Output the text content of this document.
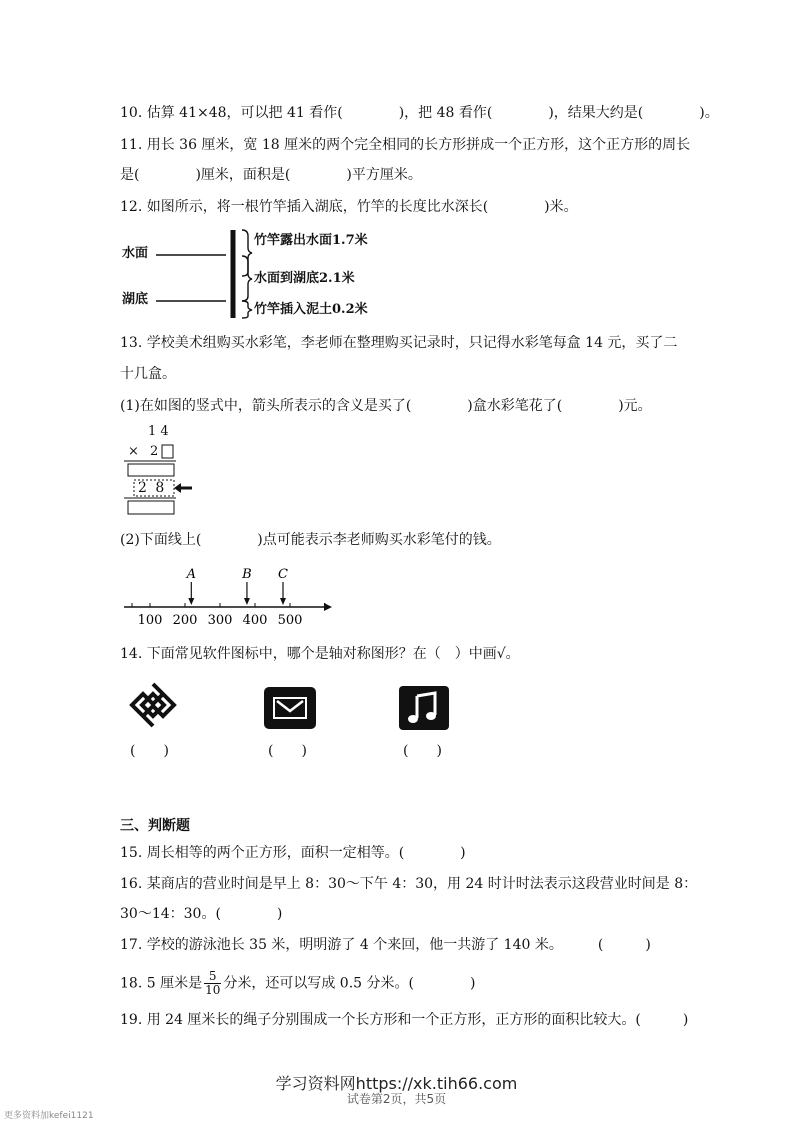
10. 估算 41×48，可以把 41 看作(　　　　)，把 48 看作(　　　　)，结果大约是(　　　　)。
11. 用长 36 厘米，宽 18 厘米的两个完全相同的长方形拼成一个正方形，这个正方形的周长
是(　　　　)厘米，面积是(　　　　)平方厘米。
12. 如图所示，将一根竹竿插入湖底，竹竿的长度比水深长(　　　　)米。
水面
湖底
竹竿露出水面1.7米
水面到湖底2.1米
竹竿插入泥土0.2米
13. 学校美术组购买水彩笔，李老师在整理购买记录时，只记得水彩笔每盒 14 元，买了二
十几盒。
(1)在如图的竖式中，箭头所表示的含义是买了(　　　　)盒水彩笔花了(　　　　)元。
1 4
× 2
2 8
(2)下面线上(　　　　)点可能表示李老师购买水彩笔付的钱。
100 200 300 400 500
A	B C
14. 下面常见软件图标中，哪个是轴对称图形？在（　）中画√。
(　　)	(　　)	(　　)
三、判断题
15. 周长相等的两个正方形，面积一定相等。(　　　　)
16. 某商店的营业时间是早上 8：30～下午 4：30，用 24 时计时法表示这段营业时间是 8：
30～14：30。(　　　　)
17. 学校的游泳池长 35 米，明明游了 4 个来回，他一共游了 140 米。　　　(　　　)
18. 5 厘米是 $\frac{5}{10}$ 分米，还可以写成 0.5 分米。(　　　　)
19. 用 24 厘米长的绳子分别围成一个长方形和一个正方形，正方形的面积比较大。(　　　)
学习资料网https://xk.tih66.com
试卷第2页，共5页
更多资料加kefei1121
